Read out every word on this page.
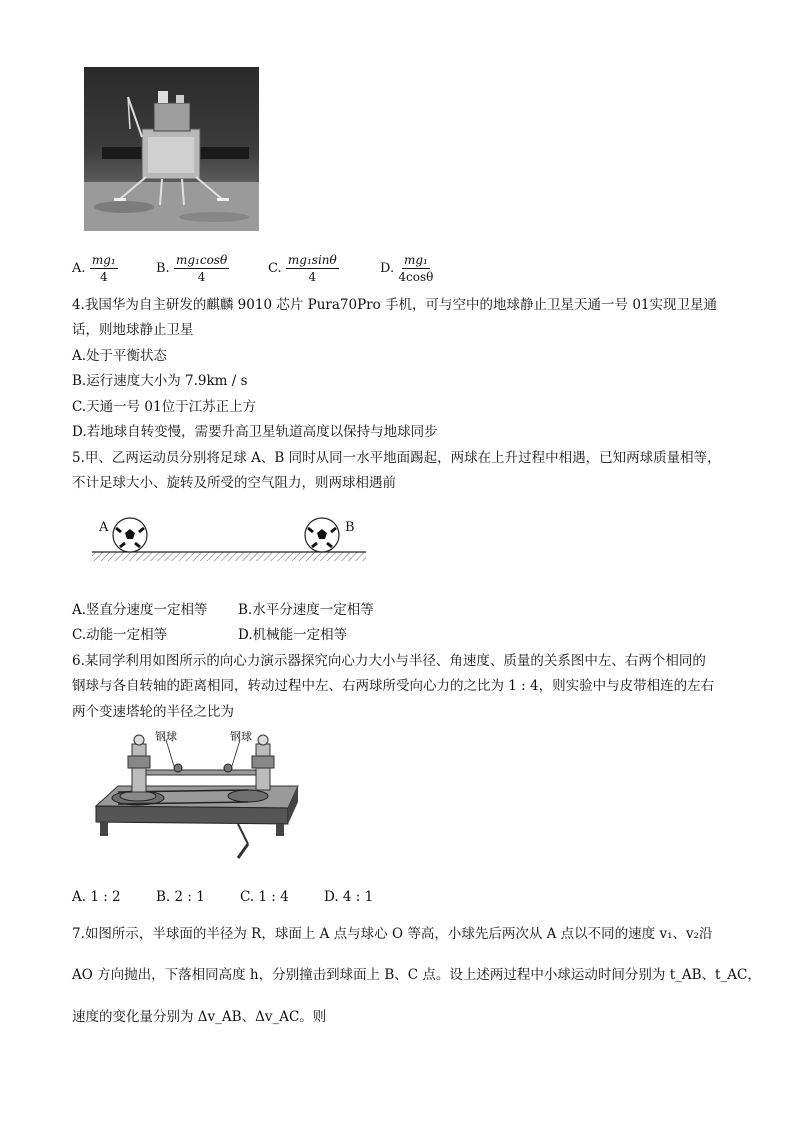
A. $\frac{\text{mg₁}}{4}$	B. $\frac{\text{mg₁cosθ}}{4}$	C. $\frac{\text{mg₁sinθ}}{4}$	D. $\frac{\text{mg₁}}{4\cos\theta}$
4.我国华为自主研发的麒麟 9010 芯片 Pura70Pro 手机，可与空中的地球静止卫星天通一号 01实现卫星通
话，则地球静止卫星
A.处于平衡状态
B.运行速度大小为 7.9km / s
C.天通一号 01位于江苏正上方
D.若地球自转变慢，需要升高卫星轨道高度以保持与地球同步
5.甲、乙两运动员分别将足球 A、B 同时从同一水平地面踢起，两球在上升过程中相遇，已知两球质量相等，
不计足球大小、旋转及所受的空气阻力，则两球相遇前
A	B
A.竖直分速度一定相等 B.水平分速度一定相等
C.动能一定相等	D.机械能一定相等
6.某同学利用如图所示的向心力演示器探究向心力大小与半径、角速度、质量的关系图中左、右两个相同的
钢球与各自转轴的距离相同，转动过程中左、右两球所受向心力的之比为 1 : 4，则实验中与皮带相连的左右
两个变速塔轮的半径之比为
钢球	钢球
A. 1 : 2	B. 2 : 1	C. 1 : 4	D. 4 : 1
7.如图所示，半球面的半径为 R，球面上 A 点与球心 O 等高，小球先后两次从 A 点以不同的速度 v₁、v₂沿
AO 方向抛出，下落相同高度 h，分别撞击到球面上 B、C 点。设上述两过程中小球运动时间分别为 t_AB、t_AC，
速度的变化量分别为 Δv_AB、Δv_AC。则
